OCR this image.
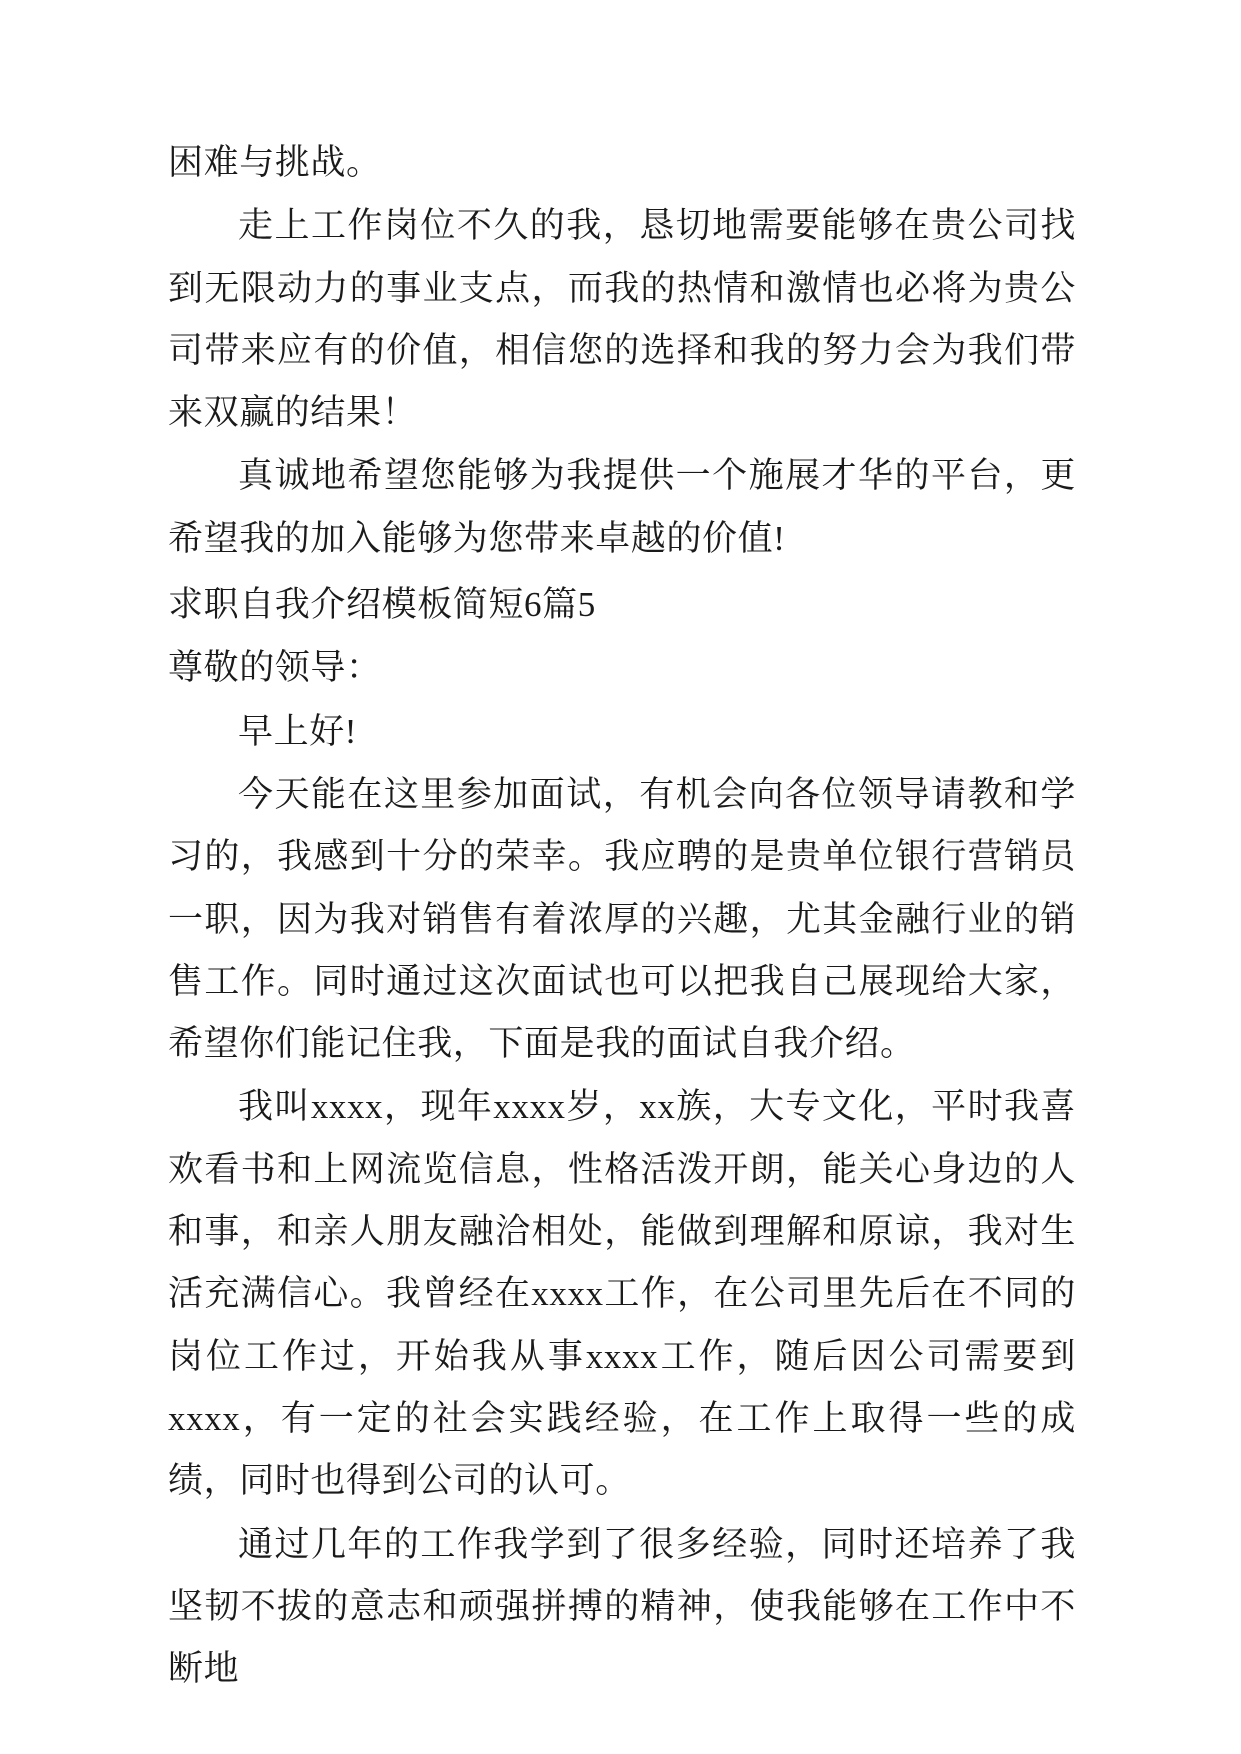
困难与挑战。

走上工作岗位不久的我，恳切地需要能够在贵公司找到无限动力的事业支点，而我的热情和激情也必将为贵公司带来应有的价值，相信您的选择和我的努力会为我们带来双赢的结果！

真诚地希望您能够为我提供一个施展才华的平台，更希望我的加入能够为您带来卓越的价值!

求职自我介绍模板简短6篇5

尊敬的领导：

早上好!

今天能在这里参加面试，有机会向各位领导请教和学习的，我感到十分的荣幸。我应聘的是贵单位银行营销员一职，因为我对销售有着浓厚的兴趣，尤其金融行业的销售工作。同时通过这次面试也可以把我自己展现给大家，希望你们能记住我，下面是我的面试自我介绍。

我叫xxxx，现年xxxx岁，xx族，大专文化，平时我喜欢看书和上网流览信息，性格活泼开朗，能关心身边的人和事，和亲人朋友融洽相处，能做到理解和原谅，我对生活充满信心。我曾经在xxxx工作，在公司里先后在不同的岗位工作过，开始我从事xxxx工作，随后因公司需要到xxxx，有一定的社会实践经验，在工作上取得一些的成绩，同时也得到公司的认可。

通过几年的工作我学到了很多经验，同时还培养了我坚韧不拔的意志和顽强拼搏的精神，使我能够在工作中不断地
